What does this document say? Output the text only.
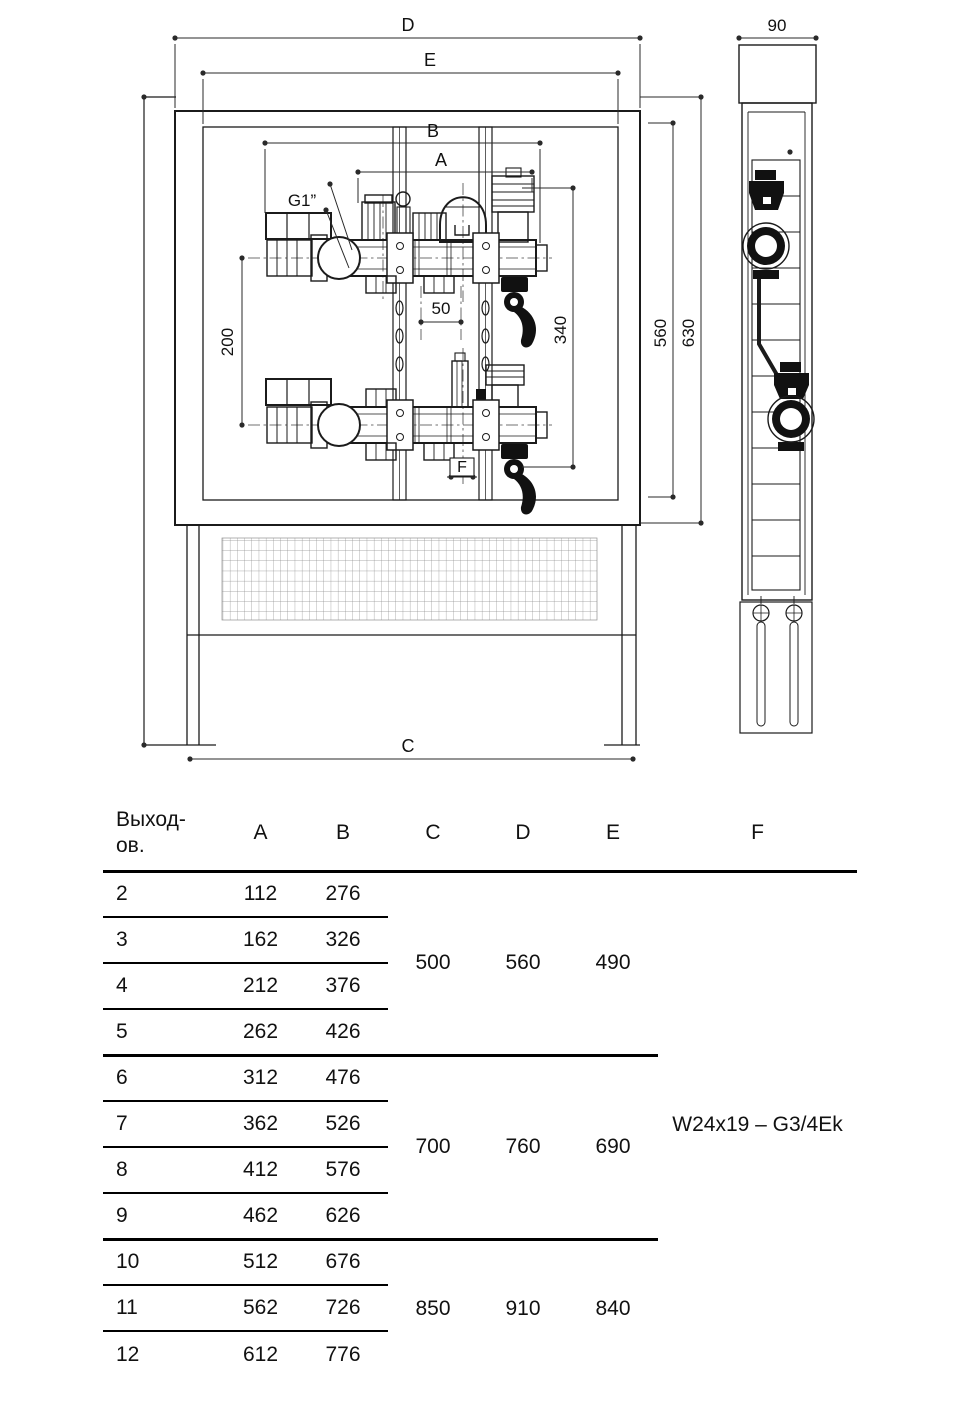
D
E
90
B
A
G1”
50
200	340	560 630
C
F
Выход-
ов.	A	B	C	D	E	F
2	112	276	500	560	490	W24x19 – G3/4Ek
3	162	326				
4	212	376				
5	262	426				
6	312	476	700	760	690	
7	362	526				
8	412	576				
9	462	626				
10	512	676	850	910	840	
11	562	726				
12	612	776				
